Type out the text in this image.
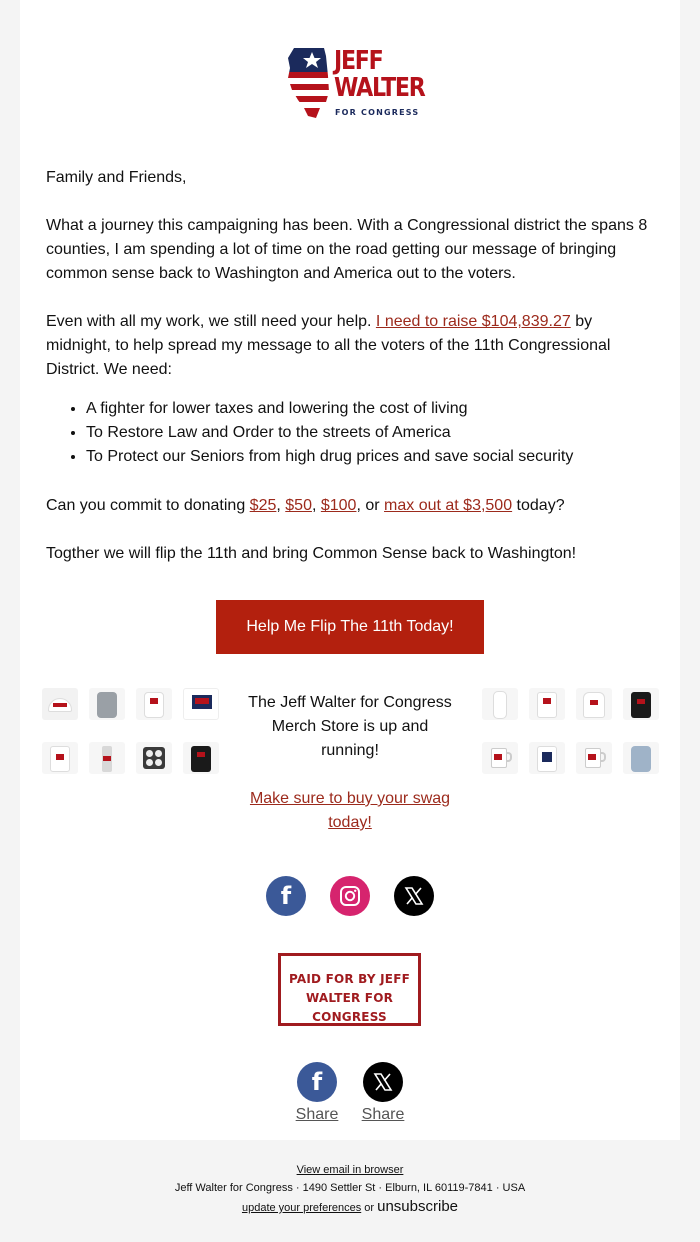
JEFF
WALTER
FOR CONGRESS
Family and Friends,
What a journey this campaigning has been. With a Congressional district the spans 8 counties, I am spending a lot of time on the road getting our message of bringing common sense back to Washington and America out to the voters.
Even with all my work, we still need your help. I need to raise $104,839.27 by midnight, to help spread my message to all the voters of the 11th Congressional District. We need:
• A fighter for lower taxes and lowering the cost of living
• To Restore Law and Order to the streets of America
• To Protect our Seniors from high drug prices and save social security
Can you commit to donating $25, $50, $100, or max out at $3,500 today?
Togther we will flip the 11th and bring Common Sense back to Washington!
Help Me Flip The 11th Today!
The Jeff Walter for Congress Merch Store is up and running!
Make sure to buy your swag today!
f
PAID FOR BY JEFF WALTER FOR CONGRESS
f
Share	Share
View email in browser
Jeff Walter for Congress · 1490 Settler St · Elburn, IL 60119-7841 · USA
update your preferences or unsubscribe
